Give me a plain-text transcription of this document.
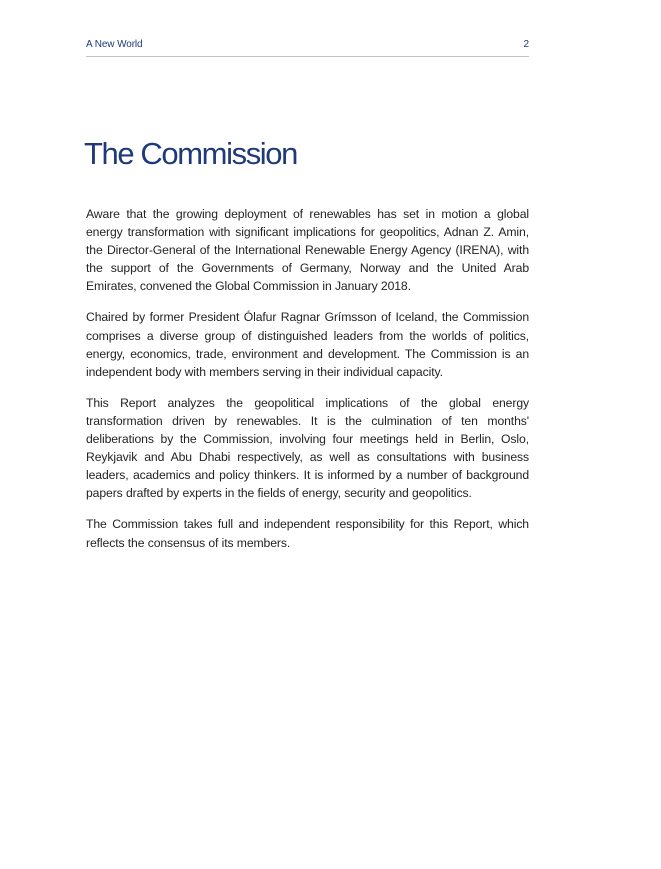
A New World	2
The Commission

Aware that the growing deployment of renewables has set in motion a global energy transformation with significant implications for geopolitics, Adnan Z. Amin, the Director-General of the International Renewable Energy Agency (IRENA), with the support of the Governments of Germany, Norway and the United Arab Emirates, convened the Global Commission in January 2018.

Chaired by former President Ólafur Ragnar Grímsson of Iceland, the Commission comprises a diverse group of distinguished leaders from the worlds of politics, energy, economics, trade, environment and development. The Commission is an independent body with members serving in their individual capacity.

This Report analyzes the geopolitical implications of the global energy transformation driven by renewables. It is the culmination of ten months' deliberations by the Commission, involving four meetings held in Berlin, Oslo, Reykjavik and Abu Dhabi respectively, as well as consultations with business leaders, academics and policy thinkers. It is informed by a number of background papers drafted by experts in the fields of energy, security and geopolitics.

The Commission takes full and independent responsibility for this Report, which reflects the consensus of its members.
